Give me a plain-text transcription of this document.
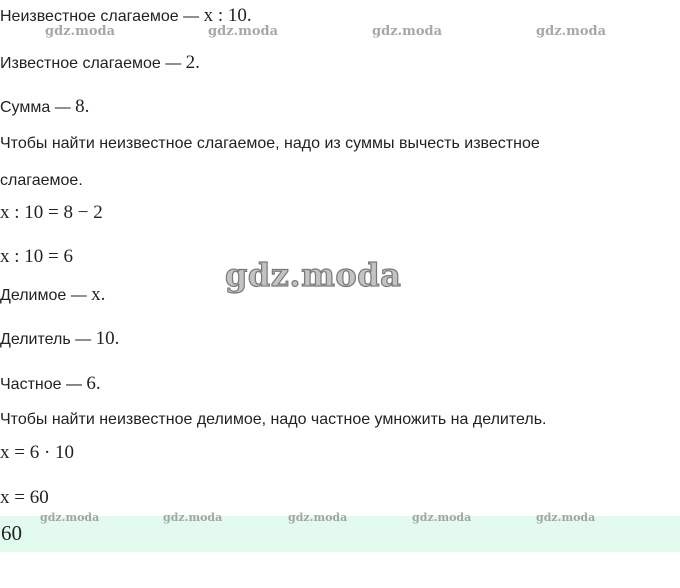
Неизвестное слагаемое — x : 10.
Известное слагаемое — 2.
Сумма — 8.
Чтобы найти неизвестное слагаемое, надо из суммы вычесть известное
слагаемое.
x : 10 = 8 − 2
x : 10 = 6
Делимое — x.
Делитель — 10.
Частное — 6.
Чтобы найти неизвестное делимое, надо частное умножить на делитель.
x = 6 · 10
x = 60
60
gdz.moda	gdz.moda	gdz.moda	gdz.moda
gdz.moda
gdz.moda	gdz.moda	gdz.moda	gdz.moda	gdz.moda
